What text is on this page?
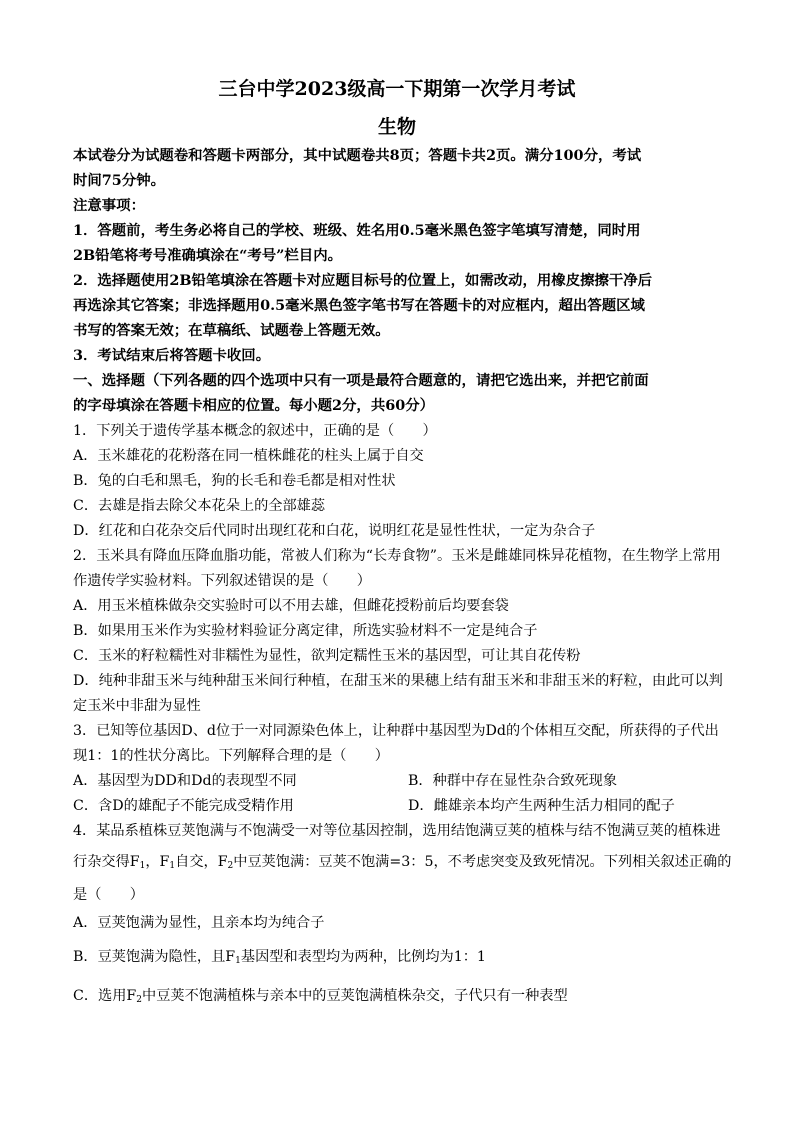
三台中学2023级高一下期第一次学月考试
生物
本试卷分为试题卷和答题卡两部分，其中试题卷共8页；答题卡共2页。满分100分，考试
时间75分钟。
注意事项：
1．答题前，考生务必将自己的学校、班级、姓名用0.5毫米黑色签字笔填写清楚，同时用
2B铅笔将考号准确填涂在“考号”栏目内。
2．选择题使用2B铅笔填涂在答题卡对应题目标号的位置上，如需改动，用橡皮擦擦干净后
再选涂其它答案；非选择题用0.5毫米黑色签字笔书写在答题卡的对应框内，超出答题区域
书写的答案无效；在草稿纸、试题卷上答题无效。
3．考试结束后将答题卡收回。
一、选择题（下列各题的四个选项中只有一项是最符合题意的，请把它选出来，并把它前面
的字母填涂在答题卡相应的位置。每小题2分，共60分）
1．下列关于遗传学基本概念的叙述中，正确的是（　　）
A．玉米雄花的花粉落在同一植株雌花的柱头上属于自交
B．兔的白毛和黑毛，狗的长毛和卷毛都是相对性状
C．去雄是指去除父本花朵上的全部雄蕊
D．红花和白花杂交后代同时出现红花和白花，说明红花是显性性状，一定为杂合子
2．玉米具有降血压降血脂功能，常被人们称为“长寿食物”。玉米是雌雄同株异花植物，在生物学上常用
作遗传学实验材料。下列叙述错误的是（　　）
A．用玉米植株做杂交实验时可以不用去雄，但雌花授粉前后均要套袋
B．如果用玉米作为实验材料验证分离定律，所选实验材料不一定是纯合子
C．玉米的籽粒糯性对非糯性为显性，欲判定糯性玉米的基因型，可让其自花传粉
D．纯种非甜玉米与纯种甜玉米间行种植，在甜玉米的果穗上结有甜玉米和非甜玉米的籽粒，由此可以判
定玉米中非甜为显性
3．已知等位基因D、d位于一对同源染色体上，让种群中基因型为Dd的个体相互交配，所获得的子代出
现1：1的性状分离比。下列解释合理的是（　　）
A．基因型为DD和Dd的表现型不同	B．种群中存在显性杂合致死现象
C．含D的雄配子不能完成受精作用	D．雌雄亲本均产生两种生活力相同的配子
4．某品系植株豆荚饱满与不饱满受一对等位基因控制，选用结饱满豆荚的植株与结不饱满豆荚的植株进
行杂交得$F_1$，$F_1$自交，$F_2$中豆荚饱满：豆荚不饱满=3：5，不考虑突变及致死情况。下列相关叙述正确的
是（　　）
A．豆荚饱满为显性，且亲本均为纯合子
B．豆荚饱满为隐性，且$F_1$基因型和表型均为两种，比例均为1：1
C．选用$F_2$中豆荚不饱满植株与亲本中的豆荚饱满植株杂交，子代只有一种表型
